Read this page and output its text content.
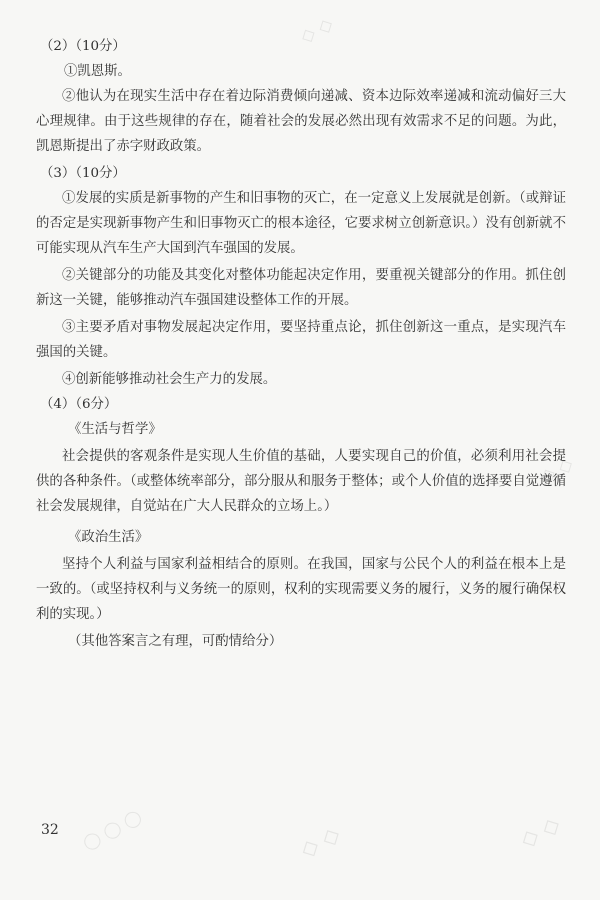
（2）（10分）

①凯恩斯。

②他认为在现实生活中存在着边际消费倾向递减、资本边际效率递减和流动偏好三大心理规律。由于这些规律的存在，随着社会的发展必然出现有效需求不足的问题。为此，凯恩斯提出了赤字财政政策。

（3）（10分）

①发展的实质是新事物的产生和旧事物的灭亡，在一定意义上发展就是创新。（或辩证的否定是实现新事物产生和旧事物灭亡的根本途径，它要求树立创新意识。）没有创新就不可能实现从汽车生产大国到汽车强国的发展。

②关键部分的功能及其变化对整体功能起决定作用，要重视关键部分的作用。抓住创新这一关键，能够推动汽车强国建设整体工作的开展。

③主要矛盾对事物发展起决定作用，要坚持重点论，抓住创新这一重点，是实现汽车强国的关键。

④创新能够推动社会生产力的发展。

（4）（6分）

《生活与哲学》

社会提供的客观条件是实现人生价值的基础，人要实现自己的价值，必须利用社会提供的各种条件。（或整体统率部分，部分服从和服务于整体；或个人价值的选择要自觉遵循社会发展规律，自觉站在广大人民群众的立场上。）

《政治生活》

坚持个人利益与国家利益相结合的原则。在我国，国家与公民个人的利益在根本上是一致的。（或坚持权利与义务统一的原则，权利的实现需要义务的履行，义务的履行确保权利的实现。）

（其他答案言之有理，可酌情给分）

32 ◯ ◯ ◯	◇ ◇	◇ ◇
◇ ◇
◇ ◇
